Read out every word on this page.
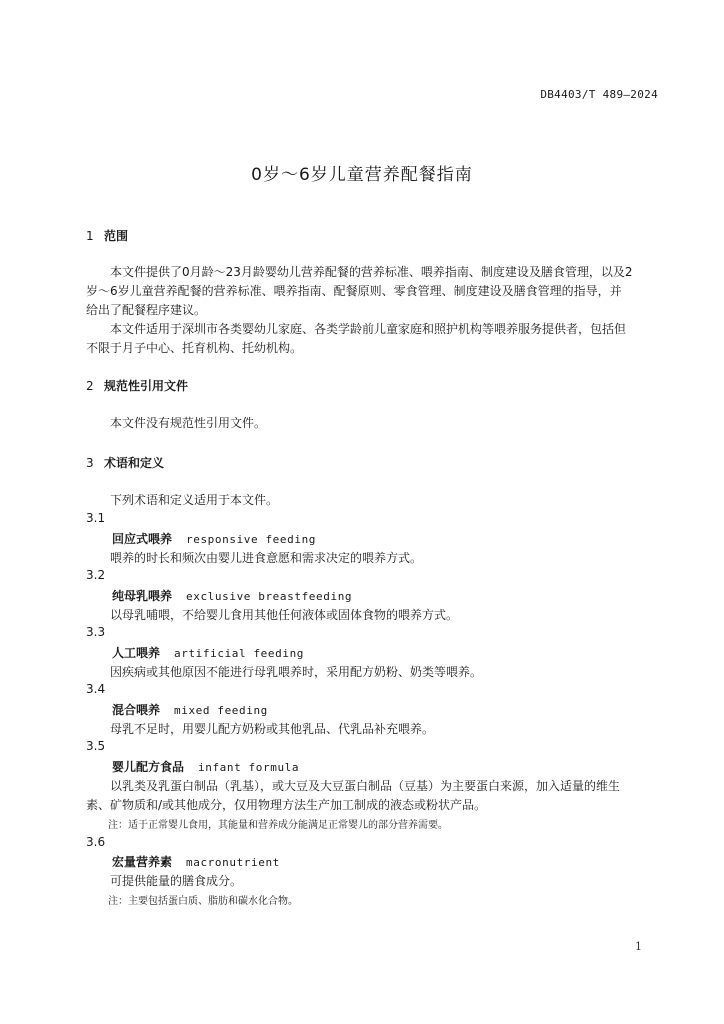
DB4403/T 489—2024
0岁～6岁儿童营养配餐指南
1 范围
　　本文件提供了0月龄～23月龄婴幼儿营养配餐的营养标准、喂养指南、制度建设及膳食管理，以及2
岁～6岁儿童营养配餐的营养标准、喂养指南、配餐原则、零食管理、制度建设及膳食管理的指导，并
给出了配餐程序建议。
　　本文件适用于深圳市各类婴幼儿家庭、各类学龄前儿童家庭和照护机构等喂养服务提供者，包括但
不限于月子中心、托育机构、托幼机构。
2 规范性引用文件
　　本文件没有规范性引用文件。
3 术语和定义
　　下列术语和定义适用于本文件。
3.1
回应式喂养 responsive feeding
　　喂养的时长和频次由婴儿进食意愿和需求决定的喂养方式。
3.2
纯母乳喂养 exclusive breastfeeding
　　以母乳哺喂，不给婴儿食用其他任何液体或固体食物的喂养方式。
3.3
人工喂养 artificial feeding
　　因疾病或其他原因不能进行母乳喂养时，采用配方奶粉、奶类等喂养。
3.4
混合喂养 mixed feeding
　　母乳不足时，用婴儿配方奶粉或其他乳品、代乳品补充喂养。
3.5
婴儿配方食品 infant formula
　　以乳类及乳蛋白制品（乳基），或大豆及大豆蛋白制品（豆基）为主要蛋白来源，加入适量的维生
素、矿物质和/或其他成分，仅用物理方法生产加工制成的液态或粉状产品。
注：适于正常婴儿食用，其能量和营养成分能满足正常婴儿的部分营养需要。
3.6
宏量营养素 macronutrient
　　可提供能量的膳食成分。
注：主要包括蛋白质、脂肪和碳水化合物。
1
